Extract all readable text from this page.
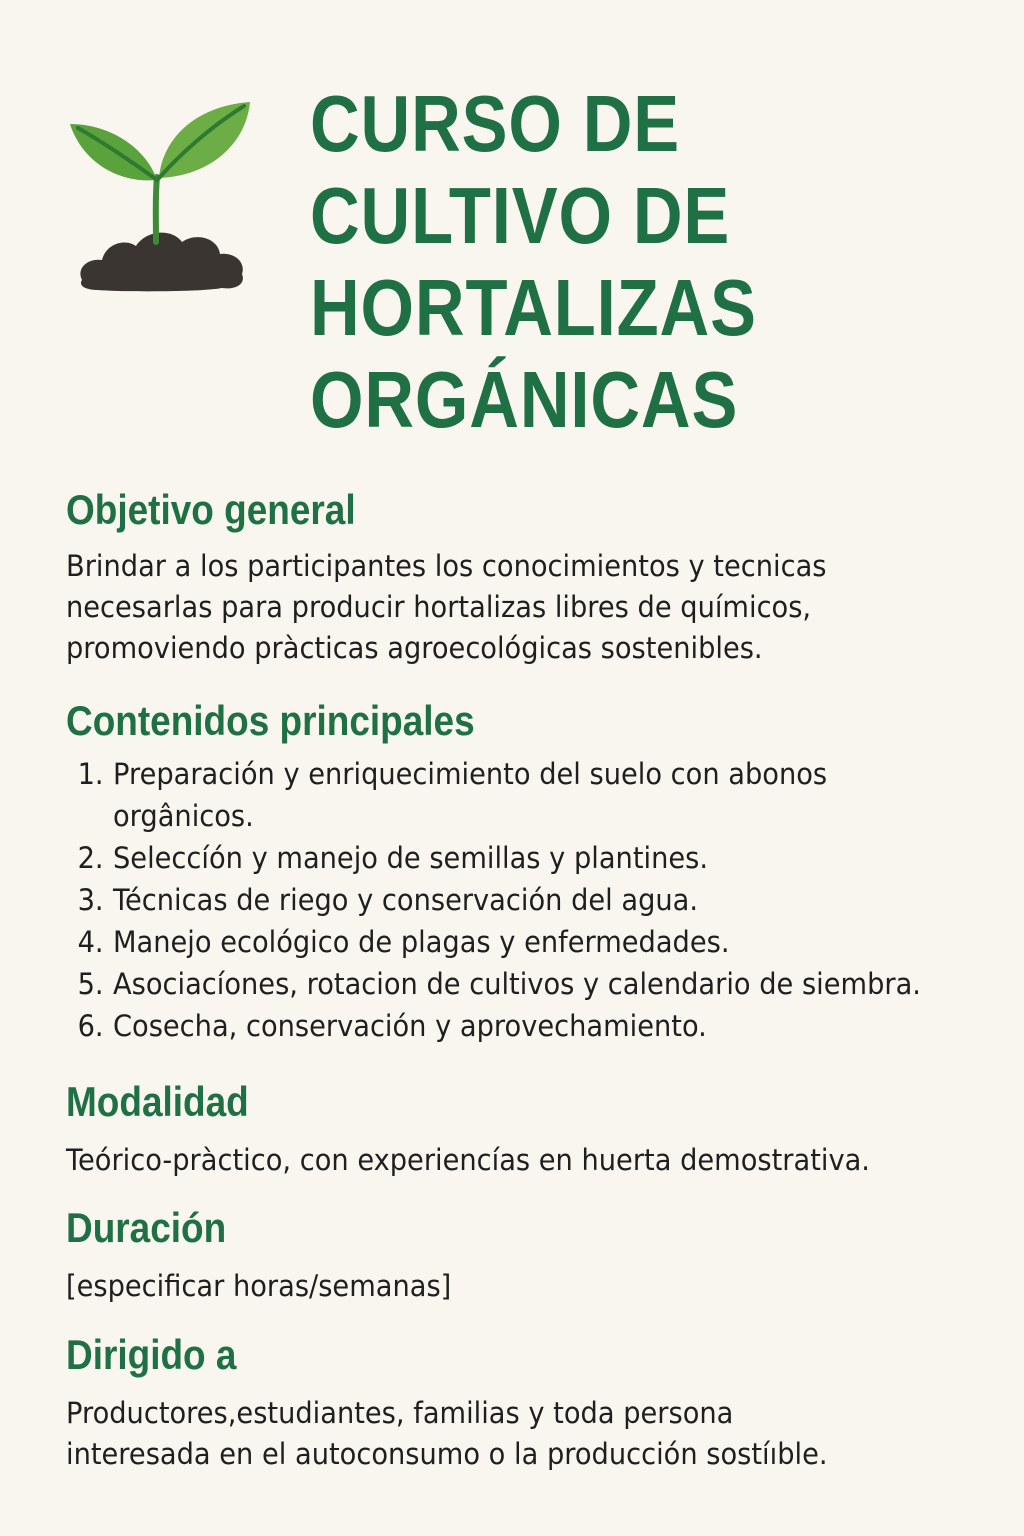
CURSO DE
CULTIVO DE
HORTALIZAS
ORGÁNICAS
Objetivo general

Brindar a los participantes los conocimientos y tecnicas
necesarlas para producir hortalizas libres de químicos,
promoviendo pràcticas agroecológicas sostenibles.

Contenidos principales
1. Preparación y enriquecimiento del suelo con abonos
orgânicos.
2. Seleccı́ón y manejo de semillas y plantines.
3. Técnicas de riego y conservación del agua.
4. Manejo ecológico de plagas y enfermedades.
5. Asociacı́ones, rotacion de cultivos y calendario de siembra.
6. Cosecha, conservación y aprovechamiento.
Modalidad

Teórico-pràctico, con experiencı́as en huerta demostrativa.

Duración

[especificar horas/semanas]

Dirigido a

Productores,estudiantes, familias y toda persona
interesada en el autoconsumo o la producción sostı́ıble.
